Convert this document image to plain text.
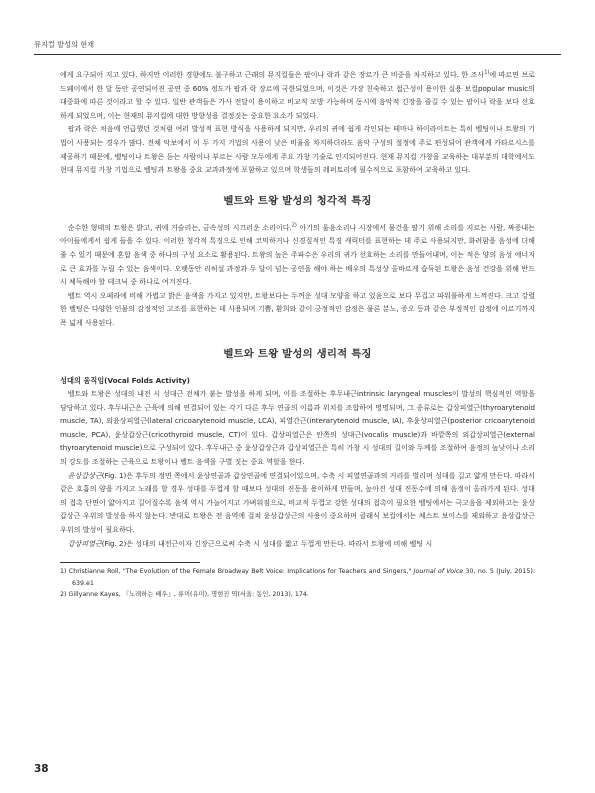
뮤지컬 발성의 현재

에게 요구되어 지고 있다. 하지만 이러한 경향에도 불구하고 근래의 뮤지컬들은 팝이나 락과 같은 장르가 큰 비중을 차지하고 있다. 한 조사$^{1)}$에 따르면 브로드웨이에서 한 달 동안 공연되어진 공연 중 60% 정도가 팝과 락 장르에 국한되었으며, 이것은 가장 친숙하고 접근성이 용이한 실용 보컬popular music의 대중화에 따른 것이라고 할 수 있다. 일반 관객들은 가사 전달이 용이하고 비교적 모방 가능하며 동시에 음악적 긴장을 즐길 수 있는 팝이나 락을 보다 선호하게 되었으며, 이는 현재의 뮤지컬에 대한 방향성을 결정짓는 중요한 요소가 되었다.

팝과 락은 처음에 언급했던 것처럼 여러 발성적 표현 방식을 사용하게 되지만, 우리의 귀에 쉽게 각인되는 테마나 하이라이트는 특히 벨팅이나 트왕의 기법이 사용되는 경우가 많다. 전체 악보에서 이 두 가지 기법의 사용이 낮은 비율을 차지하더라도 음악 구성의 절정에 주로 편성되어 관객에게 카타르시스를 제공하기 때문에, 벨팅이나 트왕은 듣는 사람이나 부르는 사람 모두에게 주요 가창 기술로 인지되어진다. 현재 뮤지컬 가창을 교육하는 대부분의 대학에서도 현대 뮤지컬 가창 기법으로 벨팅과 트왕을 중요 교과과정에 포함하고 있으며 학생들의 레퍼토리에 필수적으로 포함하여 교육하고 있다.

벨트와 트왕 발성의 청각적 특징

순수한 형태의 트왕은 밝고, 귀에 거슬리는, 금속성의 시끄러운 소리이다.$^{2)}$ 아기의 울음소리나 시장에서 물건을 팔기 위해 소리를 지르는 사람, 짜증내는 아이들에게서 쉽게 들을 수 있다. 이러한 청각적 특징으로 인해 코믹하거나 신경질적인 특징 캐릭터를 표현하는 데 주로 사용되지만, 화려함을 음성에 더해줄 수 있기 때문에 혼합 음색 중 하나의 구성 요소로 활용된다. 트왕의 높은 주파수은 우리의 귀가 선호하는 소리를 만들어내며, 이는 적은 양의 음성 에너지로 큰 효과를 누릴 수 있는 음색이다. 오랫동안 리허설 과정과 두 달이 넘는 공연을 해야 하는 배우의 특성상 올바르게 습득된 트왕은 음성 건강을 위해 반드시 체득해야 할 테크닉 중 하나로 여겨진다.

벨트 역시 오페라에 비해 가볍고 밝은 음색을 가지고 있지만, 트왕보다는 두꺼운 성대 모양을 하고 있음으로 보다 무겁고 파워풀하게 느껴진다. 크고 강렬한 벨팅은 다양한 인물의 감정적인 고조를 표현하는 데 사용되며 기쁨, 환희와 같이 긍정적인 감정은 물론 분노, 증오 등과 같은 부정적인 감정에 이르기까지 폭 넓게 사용된다.

벨트와 트왕 발성의 생리적 특징
성대의 움직임(Vocal Folds Activity)

벨트와 트왕은 성대의 내전 시 성대근 전체가 붙는 발성을 하게 되며, 이를 조절하는 후두내근intrinsic laryngeal muscles이 발성의 핵심적인 역할을 담당하고 있다. 후두내근은 근육에 의해 연결되어 있는 각기 다른 후두 연골의 이름과 위치를 조합하여 명명되며, 그 종류로는 갑상피열근(thyroarytenoid muscle, TA), 외윤상피열근(lateral cricoarytenoid muscle, LCA), 피열간근(interarytenoid muscle, IA), 후윤상피열근(posterior cricoarytenoid muscle, PCA), 윤상갑상근(cricothyroid muscle, CT)이 있다. 갑상피열근은 안쪽의 성대근(vocalis muscle)과 바깥쪽의 외갑상피열근(external thyroarytenoid muscle)으로 구성되어 있다. 후두내근 중 윤상갑상근과 갑상피열근은 특히 가창 시 성대의 길이와 두께를 조절하여 음정의 높낮이나 소리의 강도를 조절하는 근육으로 트왕이나 벨트 음색을 구별 짓는 중요 역할을 한다.

윤상갑상근(Fig. 1)은 후두의 정면 쪽에서 윤상연골과 갑상연골에 연결되어있으며, 수축 시 피열연골과의 거리를 벌리며 성대를 길고 얇게 만든다. 따라서 같은 호흡의 양을 가지고 노래를 할 경우 성대를 두껍게 할 때보다 성대의 진동을 용이하게 만들며, 높아진 성대 진동수에 의해 음정이 올라가게 된다. 성대의 접촉 단면이 얇아지고 길어질수록 음색 역시 가늘어지고 가벼워짐으로, 비교적 두껍고 강한 성대의 접촉이 필요한 벨팅에서는 극고음을 제외하고는 윤상갑상근 우위의 발성을 하지 않는다. 반대로 트왕은 전 음역에 걸쳐 윤상갑상근의 사용이 중요하며 클래식 보컬에서는 체스트 보이스를 제외하고 윤상갑상근 우위의 발성이 필요하다.

갑상피열근(Fig. 2)은 성대의 내전근이자 긴장근으로써 수축 시 성대를 짧고 두껍게 만든다. 따라서 트왕에 비해 벨팅 시

1) Christianne Roll, "The Evolution of the Female Broadway Belt Voice: Implications for Teachers and Singers," Journal of Voice 30, no. 5 (July, 2015): 639.e1

2) Gillyanne Kayes, 『노래하는 배우』, 류미(유미), 명현진 역(서울: 동인, 2013), 174.

38
